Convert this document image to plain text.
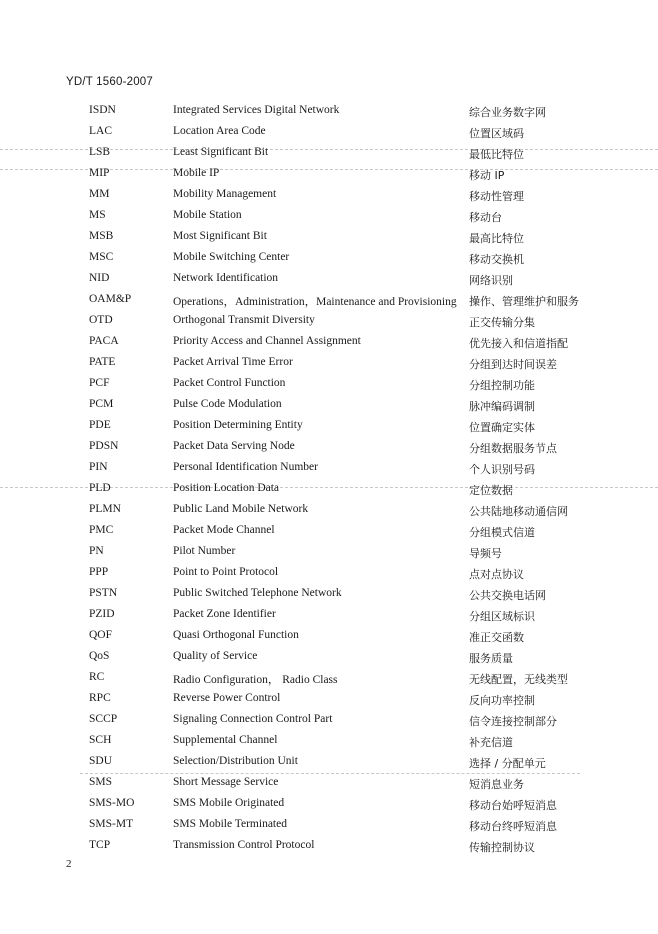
YD/T 1560-2007
ISDN	Integrated Services Digital Network	综合业务数字网
LAC	Location Area Code	位置区域码
LSB	Least Significant Bit	最低比特位
MIP	Mobile IP	移动 IP
MM	Mobility Management	移动性管理
MS	Mobile Station	移动台
MSB	Most Significant Bit	最高比特位
MSC	Mobile Switching Center	移动交换机
NID	Network Identification	网络识别
OAM&P	Operations，Administration，Maintenance and Provisioning 操作、管理维护和服务
OTD	Orthogonal Transmit Diversity	正交传输分集
PACA	Priority Access and Channel Assignment	优先接入和信道指配
PATE	Packet Arrival Time Error	分组到达时间误差
PCF	Packet Control Function	分组控制功能
PCM	Pulse Code Modulation	脉冲编码调制
PDE	Position Determining Entity	位置确定实体
PDSN	Packet Data Serving Node	分组数据服务节点
PIN	Personal Identification Number	个人识别号码
PLD	Position Location Data	定位数据
PLMN	Public Land Mobile Network	公共陆地移动通信网
PMC	Packet Mode Channel	分组模式信道
PN	Pilot Number	导频号
PPP	Point to Point Protocol	点对点协议
PSTN	Public Switched Telephone Network	公共交换电话网
PZID	Packet Zone Identifier	分组区域标识
QOF	Quasi Orthogonal Function	准正交函数
QoS	Quality of Service	服务质量
RC	Radio Configuration， Radio Class	无线配置，无线类型
RPC	Reverse Power Control	反向功率控制
SCCP	Signaling Connection Control Part	信令连接控制部分
SCH	Supplemental Channel	补充信道
SDU	Selection/Distribution Unit	选择 / 分配单元
SMS	Short Message Service	短消息业务
SMS-MO	SMS Mobile Originated	移动台始呼短消息
SMS-MT	SMS Mobile Terminated	移动台终呼短消息
TCP	Transmission Control Protocol	传输控制协议
2
